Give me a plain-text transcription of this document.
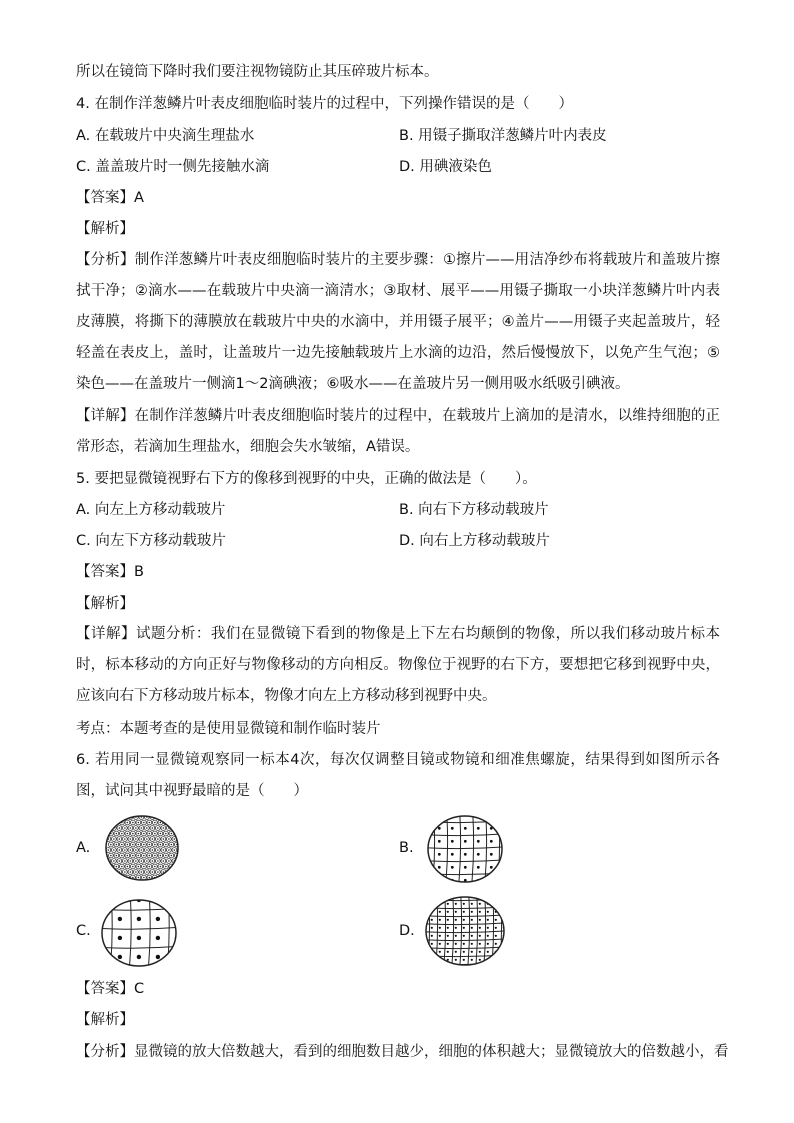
所以在镜筒下降时我们要注视物镜防止其压碎玻片标本。
4. 在制作洋葱鳞片叶表皮细胞临时装片的过程中，下列操作错误的是（　　）
A. 在载玻片中央滴生理盐水	B. 用镊子撕取洋葱鳞片叶内表皮
C. 盖盖玻片时一侧先接触水滴	D. 用碘液染色
【答案】A
【解析】
【分析】制作洋葱鳞片叶表皮细胞临时装片的主要步骤：①擦片——用洁净纱布将载玻片和盖玻片擦拭干净；②滴水——在载玻片中央滴一滴清水；③取材、展平——用镊子撕取一小块洋葱鳞片叶内表皮薄膜，将撕下的薄膜放在载玻片中央的水滴中，并用镊子展平；④盖片——用镊子夹起盖玻片，轻轻盖在表皮上，盖时，让盖玻片一边先接触载玻片上水滴的边沿，然后慢慢放下，以免产生气泡；⑤染色——在盖玻片一侧滴1～2滴碘液；⑥吸水——在盖玻片另一侧用吸水纸吸引碘液。
【详解】在制作洋葱鳞片叶表皮细胞临时装片的过程中，在载玻片上滴加的是清水，以维持细胞的正常形态，若滴加生理盐水，细胞会失水皱缩，A错误。
5. 要把显微镜视野右下方的像移到视野的中央，正确的做法是（　　）。
A. 向左上方移动载玻片	B. 向右下方移动载玻片
C. 向左下方移动载玻片	D. 向右上方移动载玻片
【答案】B
【解析】
【详解】试题分析：我们在显微镜下看到的物像是上下左右均颠倒的物像，所以我们移动玻片标本时，标本移动的方向正好与物像移动的方向相反。物像位于视野的右下方，要想把它移到视野中央，应该向右下方移动玻片标本，物像才向左上方移动移到视野中央。
考点：本题考查的是使用显微镜和制作临时装片
6. 若用同一显微镜观察同一标本4次，每次仅调整目镜或物镜和细准焦螺旋，结果得到如图所示各图，试问其中视野最暗的是（　　）
A.	B.
C.	D.
【答案】C
【解析】
【分析】显微镜的放大倍数越大，看到的细胞数目越少，细胞的体积越大；显微镜放大的倍数越小，看
